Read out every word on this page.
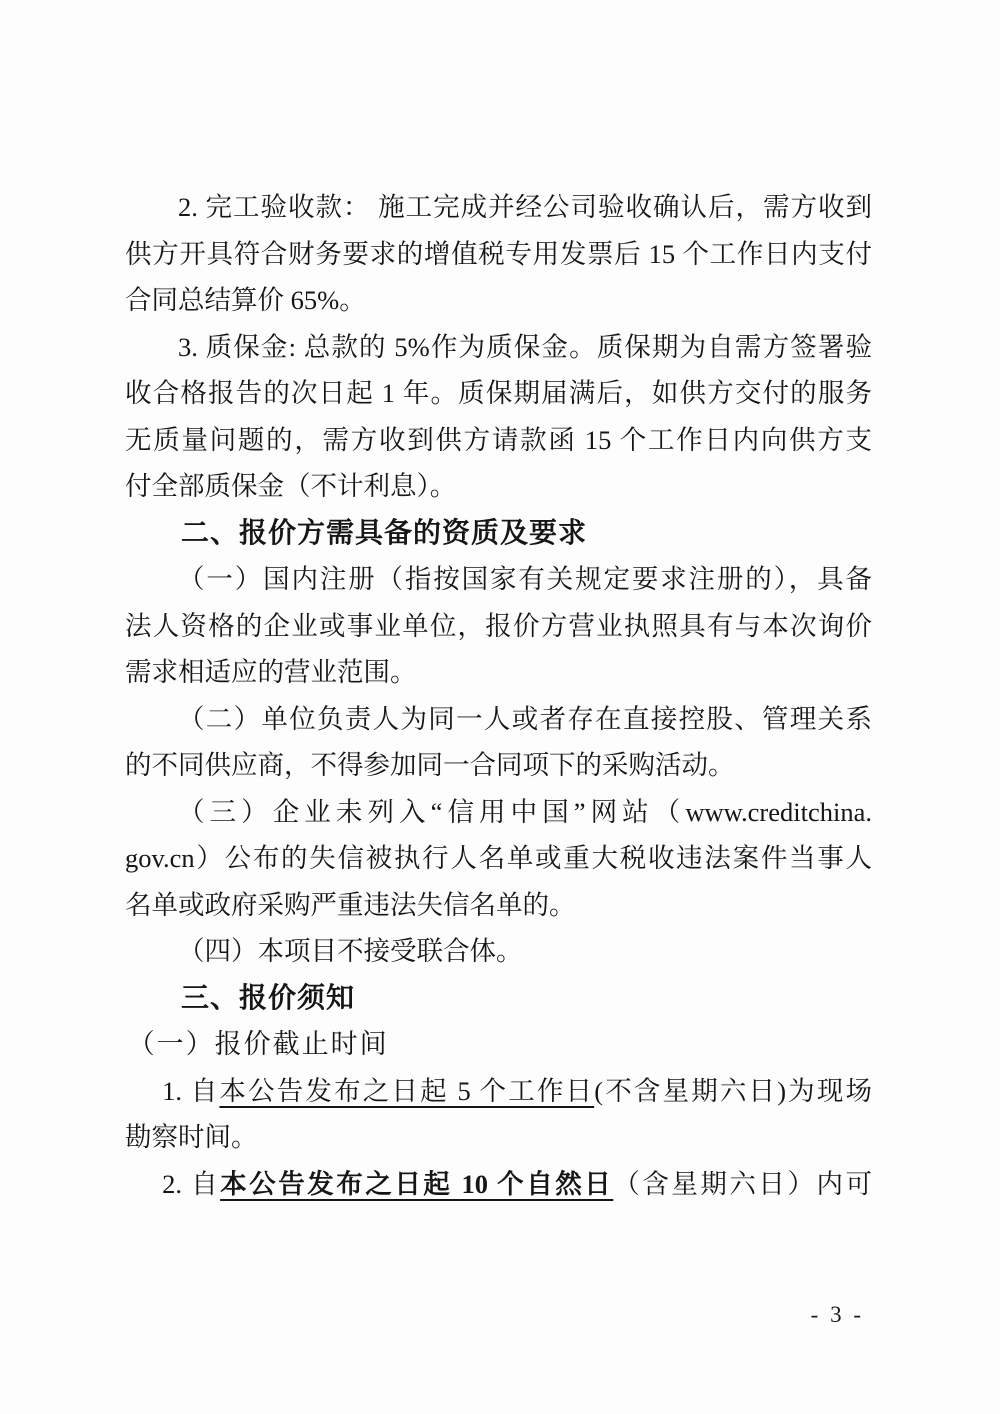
2. 完工验收款： 施工完成并经公司验收确认后，需方收到
供方开具符合财务要求的增值税专用发票后 15 个工作日内支付
合同总结算价 65%。
3. 质保金: 总款的 5%作为质保金。质保期为自需方签署验
收合格报告的次日起 1 年。质保期届满后，如供方交付的服务
无质量问题的，需方收到供方请款函 15 个工作日内向供方支
付全部质保金（不计利息）。
二、报价方需具备的资质及要求
（一）国内注册（指按国家有关规定要求注册的），具备
法人资格的企业或事业单位，报价方营业执照具有与本次询价
需求相适应的营业范围。
（二）单位负责人为同一人或者存在直接控股、管理关系
的不同供应商，不得参加同一合同项下的采购活动。
（三）企业未列入“信用中国”网站（www.creditchina.
gov.cn）公布的失信被执行人名单或重大税收违法案件当事人
名单或政府采购严重违法失信名单的。
（四）本项目不接受联合体。
三、报价须知
（一）报价截止时间
1. 自本公告发布之日起 5 个工作日(不含星期六日)为现场
勘察时间。
2. 自本公告发布之日起 10 个自然日（含星期六日）内可
- 3 -
